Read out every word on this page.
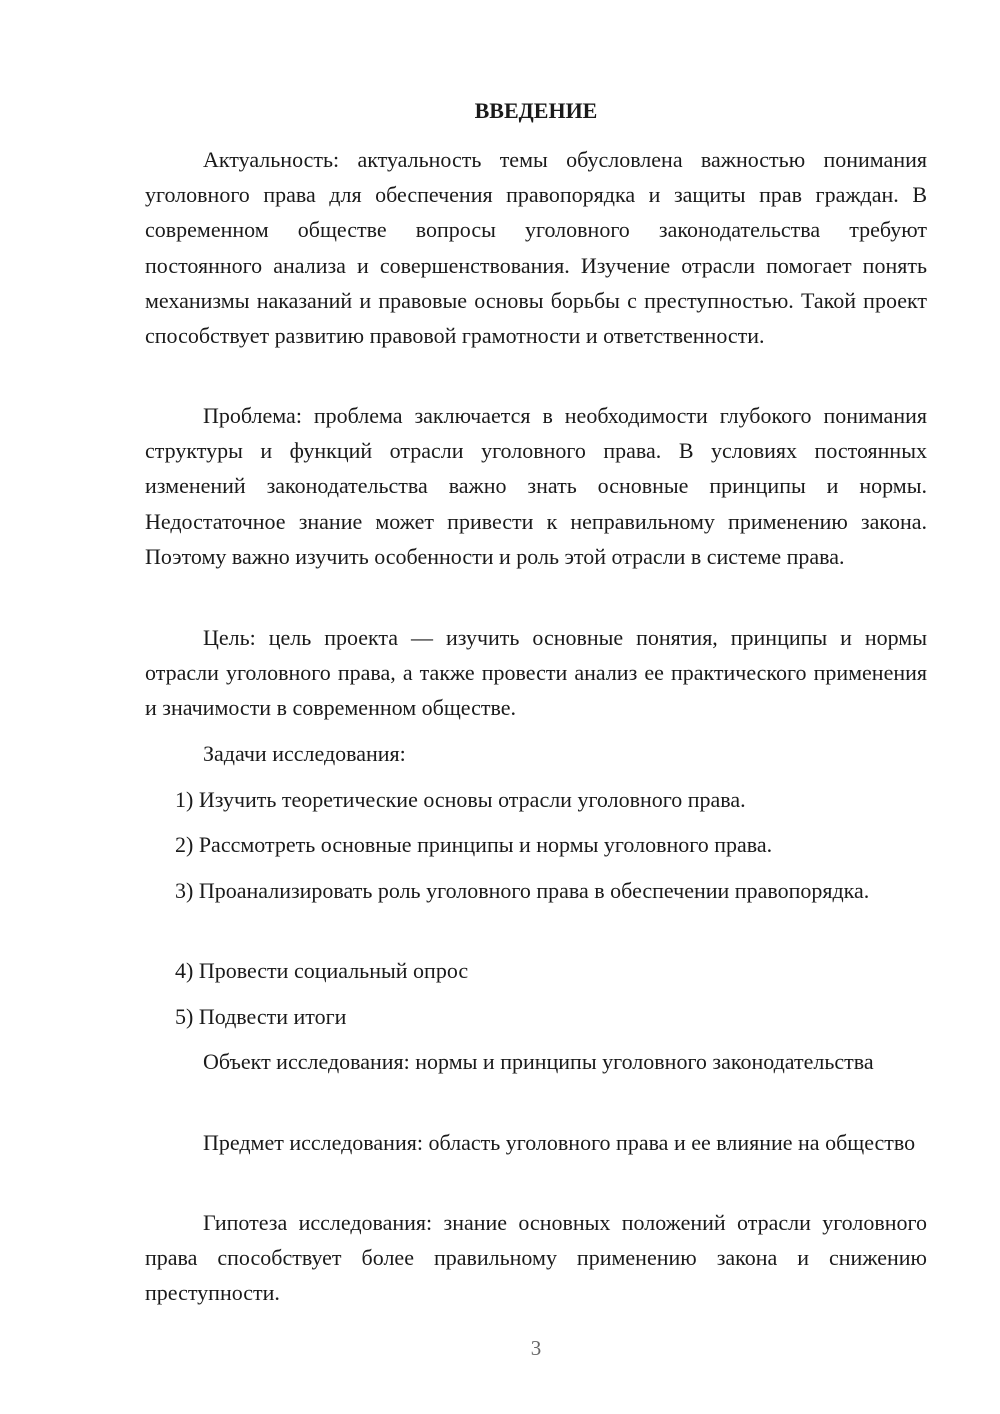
ВВЕДЕНИЕ

Актуальность: актуальность темы обусловлена важностью понимания уголовного права для обеспечения правопорядка и защиты прав граждан. В современном обществе вопросы уголовного законодательства требуют постоянного анализа и совершенствования. Изучение отрасли помогает понять механизмы наказаний и правовые основы борьбы с преступностью. Такой проект способствует развитию правовой грамотности и ответственности.

Проблема: проблема заключается в необходимости глубокого понимания структуры и функций отрасли уголовного права. В условиях постоянных изменений законодательства важно знать основные принципы и нормы. Недостаточное знание может привести к неправильному применению закона. Поэтому важно изучить особенности и роль этой отрасли в системе права.

Цель: цель проекта — изучить основные понятия, принципы и нормы отрасли уголовного права, а также провести анализ ее практического применения и значимости в современном обществе.

Задачи исследования:

1) Изучить теоретические основы отрасли уголовного права.

2) Рассмотреть основные принципы и нормы уголовного права.

3) Проанализировать роль уголовного права в обеспечении правопорядка.

4) Провести социальный опрос

5) Подвести итоги

Объект исследования: нормы и принципы уголовного законодательства

Предмет исследования: область уголовного права и ее влияние на общество

Гипотеза исследования: знание основных положений отрасли уголовного права способствует более правильному применению закона и снижению преступности.

3
